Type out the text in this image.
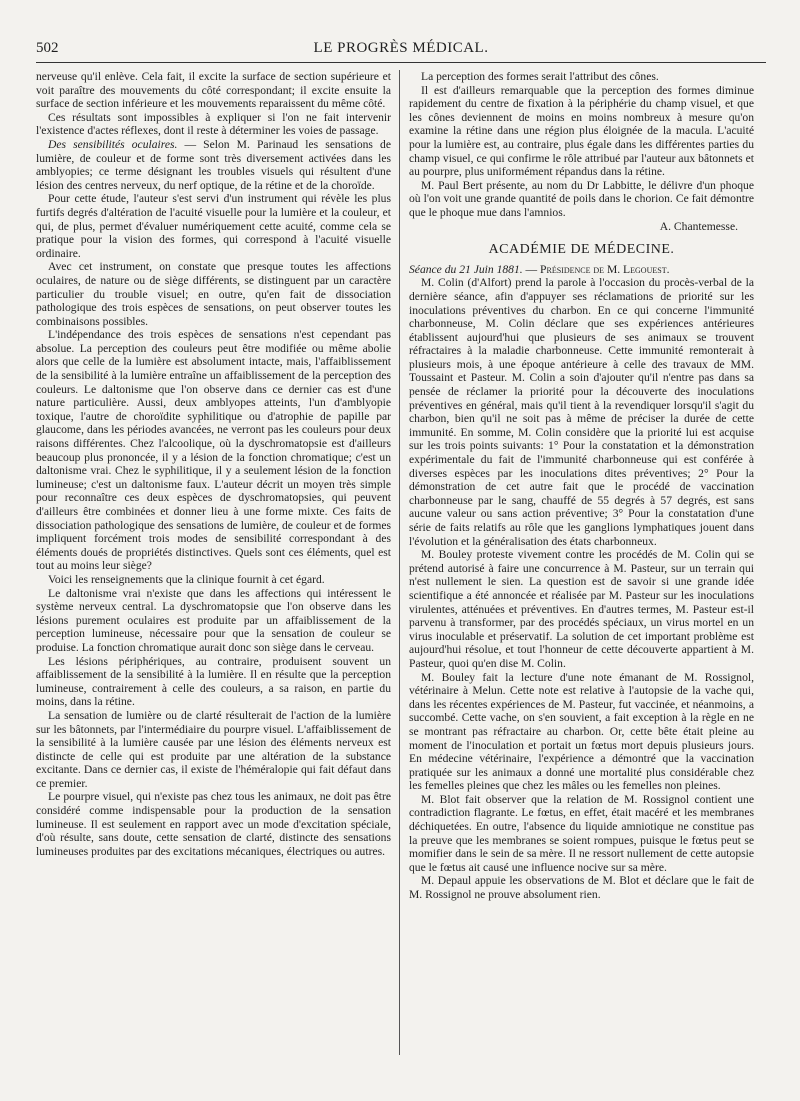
502	LE PROGRÈS MÉDICAL.

nerveuse qu'il enlève. Cela fait, il excite la surface de section supérieure et voit paraître des mouvements du côté correspondant; il excite ensuite la surface de section inférieure et les mouvements reparaissent du même côté.

Ces résultats sont impossibles à expliquer si l'on ne fait intervenir l'existence d'actes réflexes, dont il reste à déterminer les voies de passage.

Des sensibilités oculaires. — Selon M. Parinaud les sensations de lumière, de couleur et de forme sont très diversement activées dans les amblyopies; ce terme désignant les troubles visuels qui résultent d'une lésion des centres nerveux, du nerf optique, de la rétine et de la choroïde.

Pour cette étude, l'auteur s'est servi d'un instrument qui révèle les plus furtifs degrés d'altération de l'acuité visuelle pour la lumière et la couleur, et qui, de plus, permet d'évaluer numériquement cette acuité, comme cela se pratique pour la vision des formes, qui correspond à l'acuité visuelle ordinaire.

Avec cet instrument, on constate que presque toutes les affections oculaires, de nature ou de siège différents, se distinguent par un caractère particulier du trouble visuel; en outre, qu'en fait de dissociation pathologique des trois espèces de sensations, on peut observer toutes les combinaisons possibles.

L'indépendance des trois espèces de sensations n'est cependant pas absolue. La perception des couleurs peut être modifiée ou même abolie alors que celle de la lumière est absolument intacte, mais, l'affaiblissement de la sensibilité à la lumière entraîne un affaiblissement de la perception des couleurs. Le daltonisme que l'on observe dans ce dernier cas est d'une nature particulière. Aussi, deux amblyopes atteints, l'un d'amblyopie toxique, l'autre de choroïdite syphilitique ou d'atrophie de papille par glaucome, dans les périodes avancées, ne verront pas les couleurs pour deux raisons différentes. Chez l'alcoolique, où la dyschromatopsie est d'ailleurs beaucoup plus prononcée, il y a lésion de la fonction chromatique; c'est un daltonisme vrai. Chez le syphilitique, il y a seulement lésion de la fonction lumineuse; c'est un daltonisme faux. L'auteur décrit un moyen très simple pour reconnaître ces deux espèces de dyschromatopsies, qui peuvent d'ailleurs être combinées et donner lieu à une forme mixte. Ces faits de dissociation pathologique des sensations de lumière, de couleur et de formes impliquent forcément trois modes de sensibilité correspondant à des éléments doués de propriétés distinctives. Quels sont ces éléments, quel est tout au moins leur siège?

Voici les renseignements que la clinique fournit à cet égard.

Le daltonisme vrai n'existe que dans les affections qui intéressent le système nerveux central. La dyschromatopsie que l'on observe dans les lésions purement oculaires est produite par un affaiblissement de la perception lumineuse, nécessaire pour que la sensation de couleur se produise. La fonction chromatique aurait donc son siège dans le cerveau.

Les lésions périphériques, au contraire, produisent souvent un affaiblissement de la sensibilité à la lumière. Il en résulte que la perception lumineuse, contrairement à celle des couleurs, a sa raison, en partie du moins, dans la rétine.

La sensation de lumière ou de clarté résulterait de l'action de la lumière sur les bâtonnets, par l'intermédiaire du pourpre visuel. L'affaiblissement de la sensibilité à la lumière causée par une lésion des éléments nerveux est distincte de celle qui est produite par une altération de la substance excitante. Dans ce dernier cas, il existe de l'héméralopie qui fait défaut dans ce premier.

Le pourpre visuel, qui n'existe pas chez tous les animaux, ne doit pas être considéré comme indispensable pour la production de la sensation lumineuse. Il est seulement en rapport avec un mode d'excitation spéciale, d'où résulte, sans doute, cette sensation de clarté, distincte des sensations lumineuses produites par des excitations mécaniques, électriques ou autres.

La perception des formes serait l'attribut des cônes.

Il est d'ailleurs remarquable que la perception des formes diminue rapidement du centre de fixation à la périphérie du champ visuel, et que les cônes deviennent de moins en moins nombreux à mesure qu'on examine la rétine dans une région plus éloignée de la macula. L'acuité pour la lumière est, au contraire, plus égale dans les différentes parties du champ visuel, ce qui confirme le rôle attribué par l'auteur aux bâtonnets et au pourpre, plus uniformément répandus dans la rétine.

M. Paul Bert présente, au nom du Dr Labbitte, le délivre d'un phoque où l'on voit une grande quantité de poils dans le chorion. Ce fait démontre que le phoque mue dans l'amnios.

A. Chantemesse.

ACADÉMIE DE MÉDECINE.

Séance du 21 Juin 1881. — Présidence de M. Legouest.

M. Colin (d'Alfort) prend la parole à l'occasion du procès-verbal de la dernière séance, afin d'appuyer ses réclamations de priorité sur les inoculations préventives du charbon. En ce qui concerne l'immunité charbonneuse, M. Colin déclare que ses expériences antérieures établissent aujourd'hui que plusieurs de ses animaux se trouvent réfractaires à la maladie charbonneuse. Cette immunité remonterait à plusieurs mois, à une époque antérieure à celle des travaux de MM. Toussaint et Pasteur. M. Colin a soin d'ajouter qu'il n'entre pas dans sa pensée de réclamer la priorité pour la découverte des inoculations préventives en général, mais qu'il tient à la revendiquer lorsqu'il s'agit du charbon, bien qu'il ne soit pas à même de préciser la durée de cette immunité. En somme, M. Colin considère que la priorité lui est acquise sur les trois points suivants: 1° Pour la constatation et la démonstration expérimentale du fait de l'immunité charbonneuse qui est conférée à diverses espèces par les inoculations dites préventives; 2° Pour la démonstration de cet autre fait que le procédé de vaccination charbonneuse par le sang, chauffé de 55 degrés à 57 degrés, est sans aucune valeur ou sans action préventive; 3° Pour la constatation d'une série de faits relatifs au rôle que les ganglions lymphatiques jouent dans l'évolution et la généralisation des états charbonneux.

M. Bouley proteste vivement contre les procédés de M. Colin qui se prétend autorisé à faire une concurrence à M. Pasteur, sur un terrain qui n'est nullement le sien. La question est de savoir si une grande idée scientifique a été annoncée et réalisée par M. Pasteur sur les inoculations virulentes, atténuées et préventives. En d'autres termes, M. Pasteur est-il parvenu à transformer, par des procédés spéciaux, un virus mortel en un virus inoculable et préservatif. La solution de cet important problème est aujourd'hui résolue, et tout l'honneur de cette découverte appartient à M. Pasteur, quoi qu'en dise M. Colin.

M. Bouley fait la lecture d'une note émanant de M. Rossignol, vétérinaire à Melun. Cette note est relative à l'autopsie de la vache qui, dans les récentes expériences de M. Pasteur, fut vaccinée, et néanmoins, a succombé. Cette vache, on s'en souvient, a fait exception à la règle en ne se montrant pas réfractaire au charbon. Or, cette bête était pleine au moment de l'inoculation et portait un fœtus mort depuis plusieurs jours. En médecine vétérinaire, l'expérience a démontré que la vaccination pratiquée sur les animaux a donné une mortalité plus considérable chez les femelles pleines que chez les mâles ou les femelles non pleines.

M. Blot fait observer que la relation de M. Rossignol contient une contradiction flagrante. Le fœtus, en effet, était macéré et les membranes déchiquetées. En outre, l'absence du liquide amniotique ne constitue pas la preuve que les membranes se soient rompues, puisque le fœtus peut se momifier dans le sein de sa mère. Il ne ressort nullement de cette autopsie que le fœtus ait causé une influence nocive sur sa mère.

M. Depaul appuie les observations de M. Blot et déclare que le fait de M. Rossignol ne prouve absolument rien.
